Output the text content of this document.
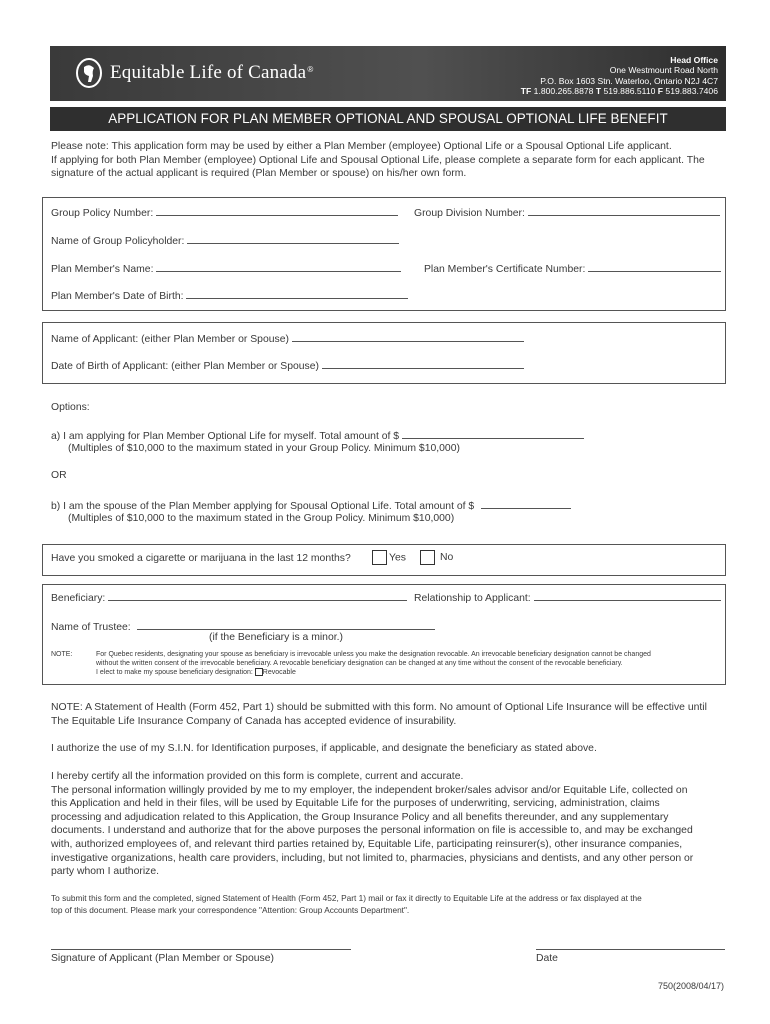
Equitable Life of Canada ®
Head Office
One Westmount Road North
P.O. Box 1603 Stn. Waterloo, Ontario N2J 4C7
TF 1.800.265.8878 T 519.886.5110 F 519.883.7406
APPLICATION FOR PLAN MEMBER OPTIONAL AND SPOUSAL OPTIONAL LIFE BENEFIT
Please note: This application form may be used by either a Plan Member (employee) Optional Life or a Spousal Optional Life applicant.
If applying for both Plan Member (employee) Optional Life and Spousal Optional Life, please complete a separate form for each applicant. The
signature of the actual applicant is required (Plan Member or spouse) on his/her own form.
Group Policy Number:	Group Division Number:
Name of Group Policyholder:
Plan Member's Name:	Plan Member's Certificate Number:
Plan Member's Date of Birth:
Name of Applicant: (either Plan Member or Spouse)
Date of Birth of Applicant: (either Plan Member or Spouse)
Options:
a) I am applying for Plan Member Optional Life for myself. Total amount of $
(Multiples of $10,000 to the maximum stated in your Group Policy. Minimum $10,000)
OR
b) I am the spouse of the Plan Member applying for Spousal Optional Life. Total amount of $
(Multiples of $10,000 to the maximum stated in the Group Policy. Minimum $10,000)
Have you smoked a cigarette or marijuana in the last 12 months?	Yes	No
Beneficiary:	Relationship to Applicant:
Name of Trustee:
(if the Beneficiary is a minor.)
NOTE:	For Quebec residents, designating your spouse as beneficiary is irrevocable unless you make the designation revocable. An irrevocable beneficiary designation cannot be changed
without the written consent of the irrevocable beneficiary. A revocable beneficiary designation can be changed at any time without the consent of the revocable beneficiary.
I elect to make my spouse beneficiary designation: Revocable
NOTE: A Statement of Health (Form 452, Part 1) should be submitted with this form. No amount of Optional Life Insurance will be effective until
The Equitable Life Insurance Company of Canada has accepted evidence of insurability.
I authorize the use of my S.I.N. for Identification purposes, if applicable, and designate the beneficiary as stated above.
I hereby certify all the information provided on this form is complete, current and accurate.
The personal information willingly provided by me to my employer, the independent broker/sales advisor and/or Equitable Life, collected on
this Application and held in their files, will be used by Equitable Life for the purposes of underwriting, servicing, administration, claims
processing and adjudication related to this Application, the Group Insurance Policy and all benefits thereunder, and any supplementary
documents. I understand and authorize that for the above purposes the personal information on file is accessible to, and may be exchanged
with, authorized employees of, and relevant third parties retained by, Equitable Life, participating reinsurer(s), other insurance companies,
investigative organizations, health care providers, including, but not limited to, pharmacies, physicians and dentists, and any other person or
party whom I authorize.
To submit this form and the completed, signed Statement of Health (Form 452, Part 1) mail or fax it directly to Equitable Life at the address or fax displayed at the
top of this document. Please mark your correspondence "Attention: Group Accounts Department".
Signature of Applicant (Plan Member or Spouse)	Date
750(2008/04/17)
